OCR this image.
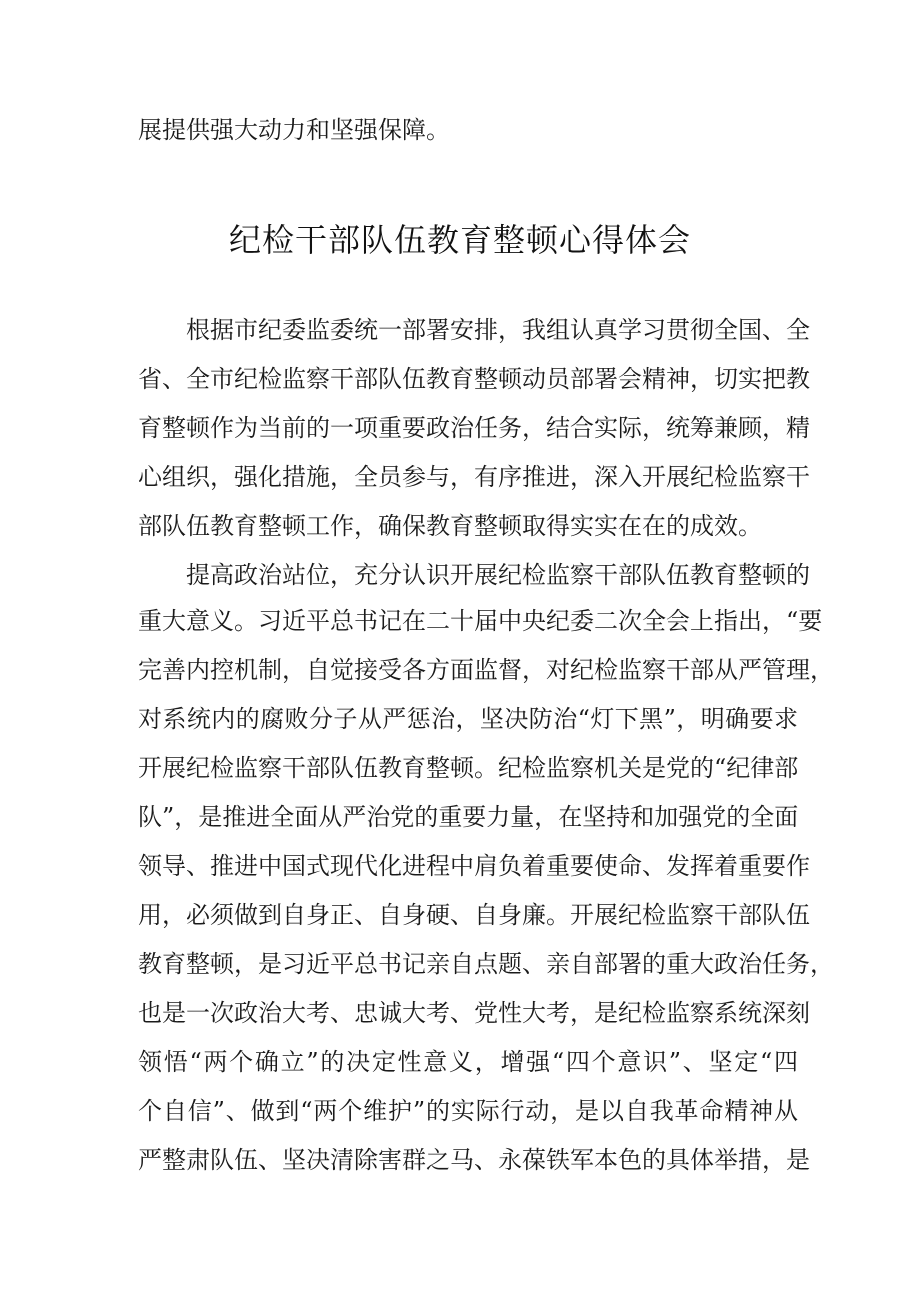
展提供强大动力和坚强保障。
纪检干部队伍教育整顿心得体会
根据市纪委监委统一部署安排，我组认真学习贯彻全国、全
省、全市纪检监察干部队伍教育整顿动员部署会精神，切实把教
育整顿作为当前的一项重要政治任务，结合实际，统筹兼顾，精
心组织，强化措施，全员参与，有序推进，深入开展纪检监察干
部队伍教育整顿工作，确保教育整顿取得实实在在的成效。
提高政治站位，充分认识开展纪检监察干部队伍教育整顿的
重大意义。习近平总书记在二十届中央纪委二次全会上指出，“要
完善内控机制，自觉接受各方面监督，对纪检监察干部从严管理，
对系统内的腐败分子从严惩治，坚决防治“灯下黑”，明确要求
开展纪检监察干部队伍教育整顿。纪检监察机关是党的“纪律部
队”，是推进全面从严治党的重要力量，在坚持和加强党的全面
领导、推进中国式现代化进程中肩负着重要使命、发挥着重要作
用，必须做到自身正、自身硬、自身廉。开展纪检监察干部队伍
教育整顿，是习近平总书记亲自点题、亲自部署的重大政治任务，
也是一次政治大考、忠诚大考、党性大考，是纪检监察系统深刻
领悟“两个确立”的决定性意义，增强“四个意识”、坚定“四
个自信”、做到“两个维护”的实际行动，是以自我革命精神从
严整肃队伍、坚决清除害群之马、永葆铁军本色的具体举措，是
